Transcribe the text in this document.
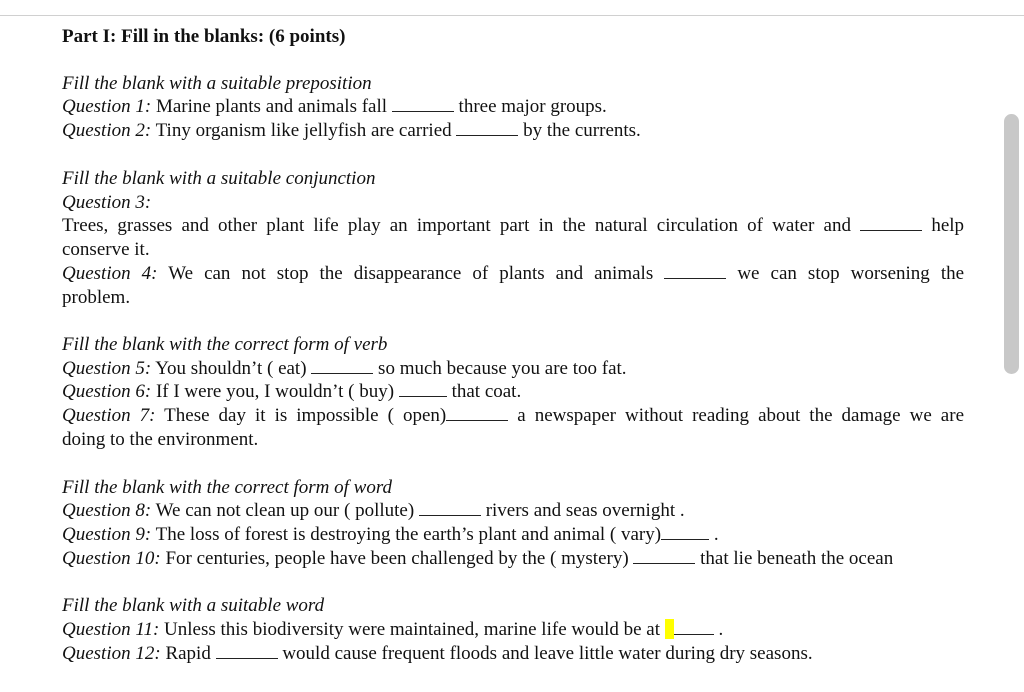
Part I: Fill in the blanks: (6 points)
Fill the blank with a suitable preposition
Question 1: Marine plants and animals fall	three major groups.
Question 2: Tiny organism like jellyfish are carried	by the currents.
Fill the blank with a suitable conjunction
Question 3:
Trees, grasses and other plant life play an important part in the natural circulation of water and	help
conserve it.
Question 4: We can not stop the disappearance of plants and animals	we can stop worsening the
problem.
Fill the blank with the correct form of verb
Question 5: You shouldn’t ( eat)	so much because you are too fat.
Question 6: If I were you, I wouldn’t ( buy)	that coat.
Question 7: These day it is impossible ( open)	a newspaper without reading about the damage we are
doing to the environment.
Fill the blank with the correct form of word
Question 8: We can not clean up our ( pollute)	rivers and seas overnight .
Question 9: The loss of forest is destroying the earth’s plant and animal ( vary)	.
Question 10: For centuries, people have been challenged by the ( mystery)	that lie beneath the ocean
Fill the blank with a suitable word
Question 11: Unless this biodiversity were maintained, marine life would be at	.
Question 12: Rapid	would cause frequent floods and leave little water during dry seasons.
